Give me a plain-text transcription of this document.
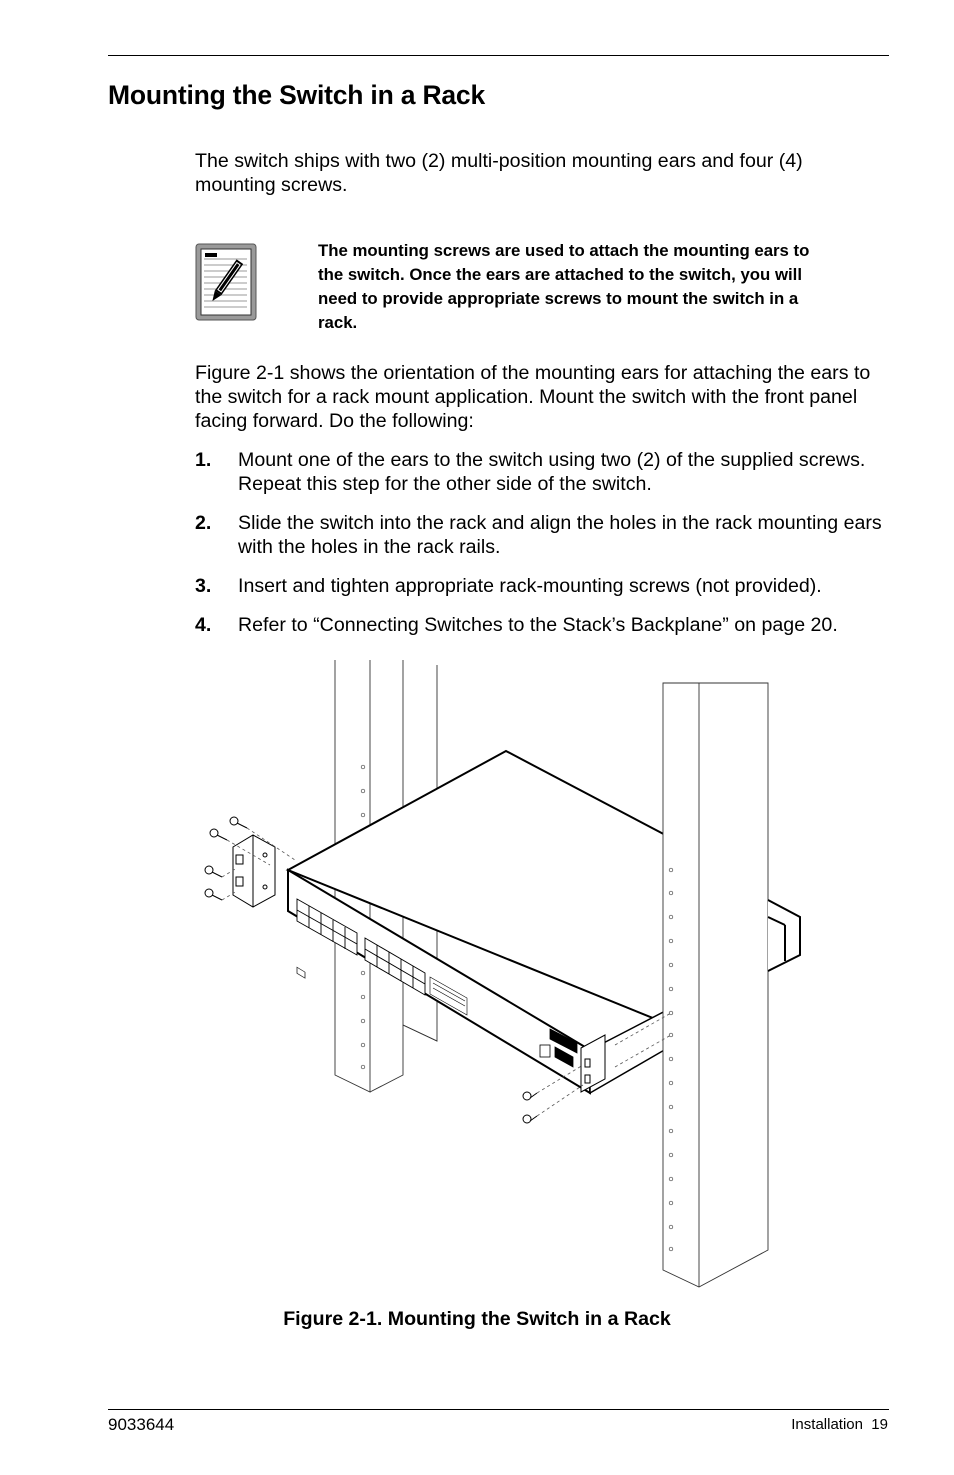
Mounting the Switch in a Rack

The switch ships with two (2) multi-position mounting ears and four (4) mounting screws.

The mounting screws are used to attach the mounting ears to the switch. Once the ears are attached to the switch, you will need to provide appropriate screws to mount the switch in a rack.

Figure 2-1 shows the orientation of the mounting ears for attaching the ears to the switch for a rack mount application. Mount the switch with the front panel facing forward. Do the following:

1.	Mount one of the ears to the switch using two (2) of the supplied screws. Repeat this step for the other side of the switch.
2.	Slide the switch into the rack and align the holes in the rack mounting ears with the holes in the rack rails.
3.	Insert and tighten appropriate rack-mounting screws (not provided).
4.	Refer to “Connecting Switches to the Stack’s Backplane” on page 20.

Figure 2-1. Mounting the Switch in a Rack

9033644	Installation  19
